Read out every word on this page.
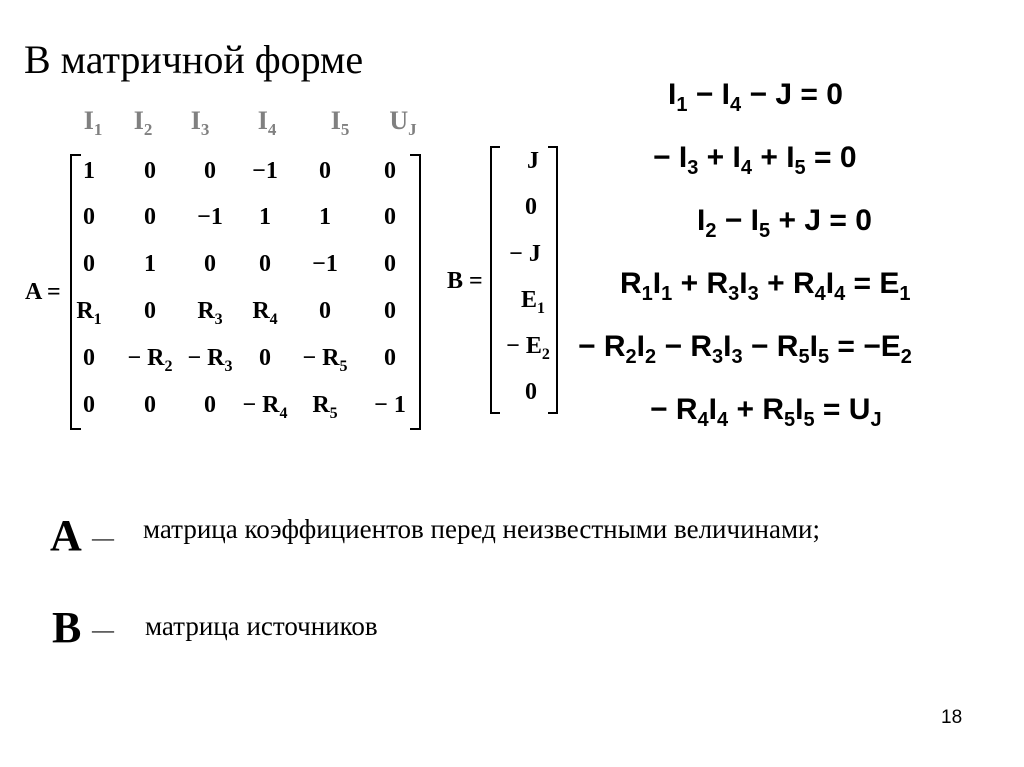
В матричной форме
A =
$I_1$ $I_2$ $I_3$ $I_4$ $I_5$ $U_J$
1 0 0 −1 0 0
0 0 −1 1 1 0
0 1 0 0 −1 0
$R_1$ 0 $R_3$ $R_4$ 0 0
$0 - R_2 - R_3$ $0 - R_5$ 0
0 0 $0 - R_4$ $R_5 - 1$
B =
J
0
− J
$E_1$
− $E_2$
0
$I_1 - I_4 - J = 0$
− $I_3 + I_4 + I_5 = 0$
$I_2 - I_5 + J = 0$
$R_1I_1 + R_3I_3 + R_4I_4 = E_1$
− $R_2I_2 - R_3I_3 - R_5I_5 = -E_2$
− $R_4I_4 + R_5I_5 = U_J$
A — матрица коэффициентов перед неизвестными величинами;
B — матрица источников
18
